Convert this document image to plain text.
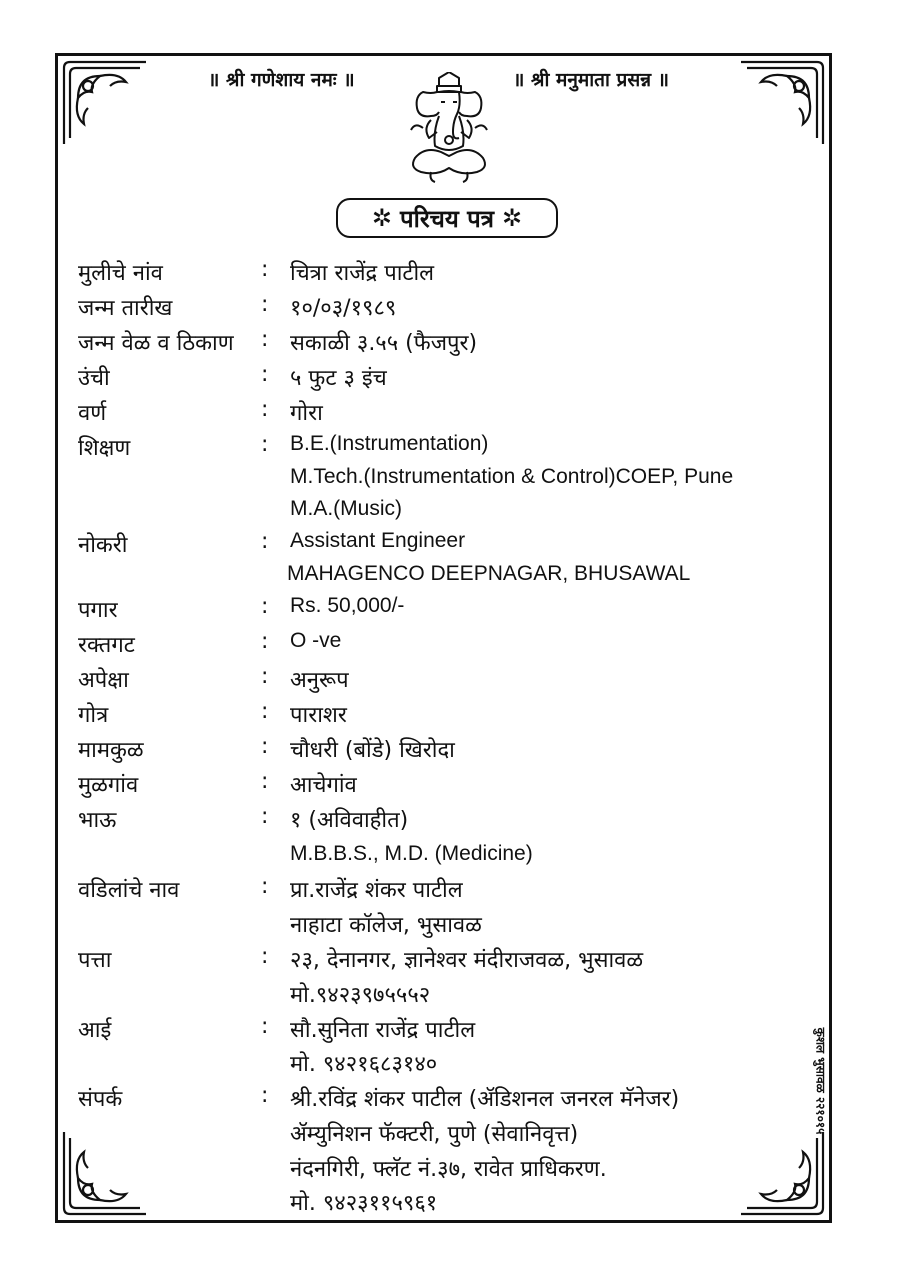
॥ श्री गणेशाय नमः ॥	॥ श्री मनुमाता प्रसन्न ॥
✲ परिचय पत्र ✲
मुलीचे नांव	: चित्रा राजेंद्र पाटील
जन्म तारीख	: १०/०३/१९८९
जन्म वेळ व ठिकाण : सकाळी ३.५५ (फैजपुर)
उंची	: ५ फुट ३ इंच
वर्ण	: गोरा
शिक्षण	: B.E.(Instrumentation)
M.Tech.(Instrumentation & Control)COEP, Pune
M.A.(Music)
नोकरी	: Assistant Engineer
MAHAGENCO DEEPNAGAR, BHUSAWAL
पगार	: Rs. 50,000/-
रक्तगट	: O -ve
अपेक्षा	: अनुरूप
गोत्र	: पाराशर
मामकुळ	: चौधरी (बोंडे) खिरोदा
मुळगांव	: आचेगांव
भाऊ	: १ (अविवाहीत)
M.B.B.S., M.D. (Medicine)
वडिलांचे नाव	: प्रा.राजेंद्र शंकर पाटील
नाहाटा कॉलेज, भुसावळ
पत्ता	: २३, देनानगर, ज्ञानेश्वर मंदीराजवळ, भुसावळ
मो.९४२३९७५५५२
आई	: सौ.सुनिता राजेंद्र पाटील
मो. ९४२१६८३१४०
संपर्क	: श्री.रविंद्र शंकर पाटील (ॲडिशनल जनरल मॅनेजर)
ॲम्युनिशन फॅक्टरी, पुणे (सेवानिवृत्त)
नंदनगिरी, फ्लॅट नं.३७, रावेत प्राधिकरण.
मो. ९४२३११५९६१
कुशल भुसावळ २२१०१५
